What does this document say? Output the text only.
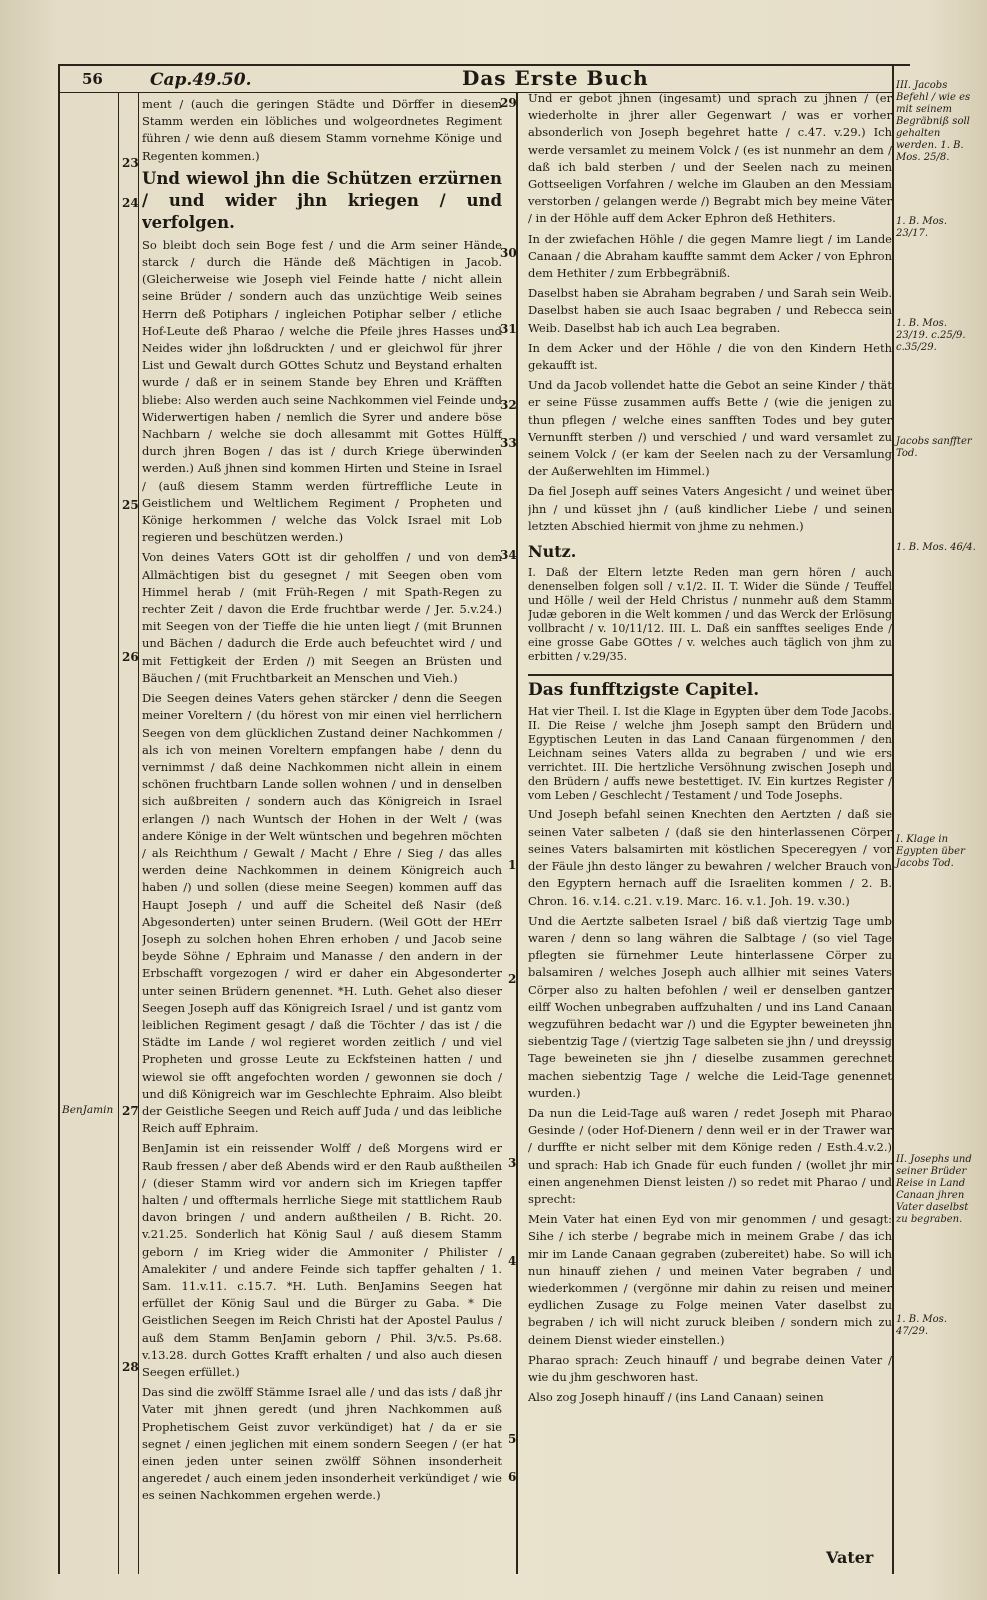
56	Cap.49.50.	Das Erste Buch
BenJamin
23
24
25
26
27
28
29
30
31
32
33
34
1
2
3
4
5
6

ment / (auch die geringen Städte und Dörffer in diesem Stamm werden ein löbliches und wolgeordnetes Regiment führen / wie denn auß diesem Stamm vornehme Könige und Regenten kommen.)

Und wiewol jhn die Schützen erzürnen / und wider jhn kriegen / und verfolgen.

So bleibt doch sein Boge fest / und die Arm seiner Hände starck / durch die Hände deß Mächtigen in Jacob. (Gleicherweise wie Joseph viel Feinde hatte / nicht allein seine Brüder / sondern auch das unzüchtige Weib seines Herrn deß Potiphars / ingleichen Potiphar selber / etliche Hof-Leute deß Pharao / welche die Pfeile jhres Hasses und Neides wider jhn loßdruckten / und er gleichwol für jhrer List und Gewalt durch GOttes Schutz und Beystand erhalten wurde / daß er in seinem Stande bey Ehren und Kräfften bliebe: Also werden auch seine Nachkommen viel Feinde und Widerwertigen haben / nemlich die Syrer und andere böse Nachbarn / welche sie doch allesammt mit Gottes Hülff durch jhren Bogen / das ist / durch Kriege überwinden werden.) Auß jhnen sind kommen Hirten und Steine in Israel / (auß diesem Stamm werden fürtreffliche Leute in Geistlichem und Weltlichem Regiment / Propheten und Könige herkommen / welche das Volck Israel mit Lob regieren und beschützen werden.)

Von deines Vaters GOtt ist dir geholffen / und von dem Allmächtigen bist du gesegnet / mit Seegen oben vom Himmel herab / (mit Früh-Regen / mit Spath-Regen zu rechter Zeit / davon die Erde fruchtbar werde / Jer. 5.v.24.) mit Seegen von der Tieffe die hie unten liegt / (mit Brunnen und Bächen / dadurch die Erde auch befeuchtet wird / und mit Fettigkeit der Erden /) mit Seegen an Brüsten und Bäuchen / (mit Fruchtbarkeit an Menschen und Vieh.)

Die Seegen deines Vaters gehen stärcker / denn die Seegen meiner Voreltern / (du hörest von mir einen viel herrlichern Seegen von dem glücklichen Zustand deiner Nachkommen / als ich von meinen Voreltern empfangen habe / denn du vernimmst / daß deine Nachkommen nicht allein in einem schönen fruchtbarn Lande sollen wohnen / und in denselben sich außbreiten / sondern auch das Königreich in Israel erlangen /) nach Wuntsch der Hohen in der Welt / (was andere Könige in der Welt wüntschen und begehren möchten / als Reichthum / Gewalt / Macht / Ehre / Sieg / das alles werden deine Nachkommen in deinem Königreich auch haben /) und sollen (diese meine Seegen) kommen auff das Haupt Joseph / und auff die Scheitel deß Nasir (deß Abgesonderten) unter seinen Brudern. (Weil GOtt der HErr Joseph zu solchen hohen Ehren erhoben / und Jacob seine beyde Söhne / Ephraim und Manasse / den andern in der Erbschafft vorgezogen / wird er daher ein Abgesonderter unter seinen Brüdern genennet. *H. Luth. Gehet also dieser Seegen Joseph auff das Königreich Israel / und ist gantz vom leiblichen Regiment gesagt / daß die Töchter / das ist / die Städte im Lande / wol regieret worden zeitlich / und viel Propheten und grosse Leute zu Eckfsteinen hatten / und wiewol sie offt angefochten worden / gewonnen sie doch / und diß Königreich war im Geschlechte Ephraim. Also bleibt der Geistliche Seegen und Reich auff Juda / und das leibliche Reich auff Ephraim.

BenJamin ist ein reissender Wolff / deß Morgens wird er Raub fressen / aber deß Abends wird er den Raub außtheilen / (dieser Stamm wird vor andern sich im Kriegen tapffer halten / und offtermals herrliche Siege mit stattlichem Raub davon bringen / und andern außtheilen / B. Richt. 20. v.21.25. Sonderlich hat König Saul / auß diesem Stamm geborn / im Krieg wider die Ammoniter / Philister / Amalekiter / und andere Feinde sich tapffer gehalten / 1. Sam. 11.v.11. c.15.7. *H. Luth. BenJamins Seegen hat erfüllet der König Saul und die Bürger zu Gaba. * Die Geistlichen Seegen im Reich Christi hat der Apostel Paulus / auß dem Stamm BenJamin geborn / Phil. 3/v.5. Ps.68. v.13.28. durch Gottes Krafft erhalten / und also auch diesen Seegen erfüllet.)

Das sind die zwölff Stämme Israel alle / und das ists / daß jhr Vater mit jhnen geredt (und jhren Nachkommen auß Prophetischem Geist zuvor verkündiget) hat / da er sie segnet / einen jeglichen mit einem sondern Seegen / (er hat einen jeden unter seinen zwölff Söhnen insonderheit angeredet / auch einem jeden insonderheit verkündiget / wie es seinen Nachkommen ergehen werde.)

Und er gebot jhnen (ingesamt) und sprach zu jhnen / (er wiederholte in jhrer aller Gegenwart / was er vorher absonderlich von Joseph begehret hatte / c.47. v.29.) Ich werde versamlet zu meinem Volck / (es ist nunmehr an dem / daß ich bald sterben / und der Seelen nach zu meinen Gottseeligen Vorfahren / welche im Glauben an den Messiam verstorben / gelangen werde /) Begrabt mich bey meine Väter / in der Höhle auff dem Acker Ephron deß Hethiters.

In der zwiefachen Höhle / die gegen Mamre liegt / im Lande Canaan / die Abraham kauffte sammt dem Acker / von Ephron dem Hethiter / zum Erbbegräbniß.

Daselbst haben sie Abraham begraben / und Sarah sein Weib. Daselbst haben sie auch Isaac begraben / und Rebecca sein Weib. Daselbst hab ich auch Lea begraben.

In dem Acker und der Höhle / die von den Kindern Heth gekaufft ist.

Und da Jacob vollendet hatte die Gebot an seine Kinder / thät er seine Füsse zusammen auffs Bette / (wie die jenigen zu thun pflegen / welche eines sanfften Todes und bey guter Vernunfft sterben /) und verschied / und ward versamlet zu seinem Volck / (er kam der Seelen nach zu der Versamlung der Außerwehlten im Himmel.)

Da fiel Joseph auff seines Vaters Angesicht / und weinet über jhn / und küsset jhn / (auß kindlicher Liebe / und seinen letzten Abschied hiermit von jhme zu nehmen.)

Nutz.

I. Daß der Eltern letzte Reden man gern hören / auch denenselben folgen soll / v.1/2. II. T. Wider die Sünde / Teuffel und Hölle / weil der Held Christus / nunmehr auß dem Stamm Judæ geboren in die Welt kommen / und das Werck der Erlösung vollbracht / v. 10/11/12. III. L. Daß ein sanfftes seeliges Ende / eine grosse Gabe GOttes / v. welches auch täglich von jhm zu erbitten / v.29/35.

Das funfftzigste Capitel.

Hat vier Theil. I. Ist die Klage in Egypten über dem Tode Jacobs. II. Die Reise / welche jhm Joseph sampt den Brüdern und Egyptischen Leuten in das Land Canaan fürgenommen / den Leichnam seines Vaters allda zu begraben / und wie ers verrichtet. III. Die hertzliche Versöhnung zwischen Joseph und den Brüdern / auffs newe bestettiget. IV. Ein kurtzes Register / vom Leben / Geschlecht / Testament / und Tode Josephs.

Und Joseph befahl seinen Knechten den Aertzten / daß sie seinen Vater salbeten / (daß sie den hinterlassenen Cörper seines Vaters balsamirten mit köstlichen Speceregyen / vor der Fäule jhn desto länger zu bewahren / welcher Brauch von den Egyptern hernach auff die Israeliten kommen / 2. B. Chron. 16. v.14. c.21. v.19. Marc. 16. v.1. Joh. 19. v.30.)

Und die Aertzte salbeten Israel / biß daß viertzig Tage umb waren / denn so lang währen die Salbtage / (so viel Tage pflegten sie fürnehmer Leute hinterlassene Cörper zu balsamiren / welches Joseph auch allhier mit seines Vaters Cörper also zu halten befohlen / weil er denselben gantzer eilff Wochen unbegraben auffzuhalten / und ins Land Canaan wegzuführen bedacht war /) und die Egypter beweineten jhn siebentzig Tage / (viertzig Tage salbeten sie jhn / und dreyssig Tage beweineten sie jhn / dieselbe zusammen gerechnet machen siebentzig Tage / welche die Leid-Tage genennet wurden.)

Da nun die Leid-Tage auß waren / redet Joseph mit Pharao Gesinde / (oder Hof-Dienern / denn weil er in der Trawer war / durffte er nicht selber mit dem Könige reden / Esth.4.v.2.) und sprach: Hab ich Gnade für euch funden / (wollet jhr mir einen angenehmen Dienst leisten /) so redet mit Pharao / und sprecht:

Mein Vater hat einen Eyd von mir genommen / und gesagt: Sihe / ich sterbe / begrabe mich in meinem Grabe / das ich mir im Lande Canaan gegraben (zubereitet) habe. So will ich nun hinauff ziehen / und meinen Vater begraben / und wiederkommen / (vergönne mir dahin zu reisen und meiner eydlichen Zusage zu Folge meinen Vater daselbst zu begraben / ich will nicht zuruck bleiben / sondern mich zu deinem Dienst wieder einstellen.)

Pharao sprach: Zeuch hinauff / und begrabe deinen Vater / wie du jhm geschworen hast.

Also zog Joseph hinauff / (ins Land Canaan) seinen

III. Jacobs Befehl / wie es mit seinem Begräbniß soll gehalten werden. 1. B. Mos. 25/8.
1. B. Mos. 23/17.
1. B. Mos. 23/19. c.25/9. c.35/29.
Jacobs sanffter Tod.
1. B. Mos. 46/4.
I. Klage in Egypten über Jacobs Tod.
II. Josephs und seiner Brüder Reise in Land Canaan jhren Vater daselbst zu begraben.
1. B. Mos. 47/29.
Vater
